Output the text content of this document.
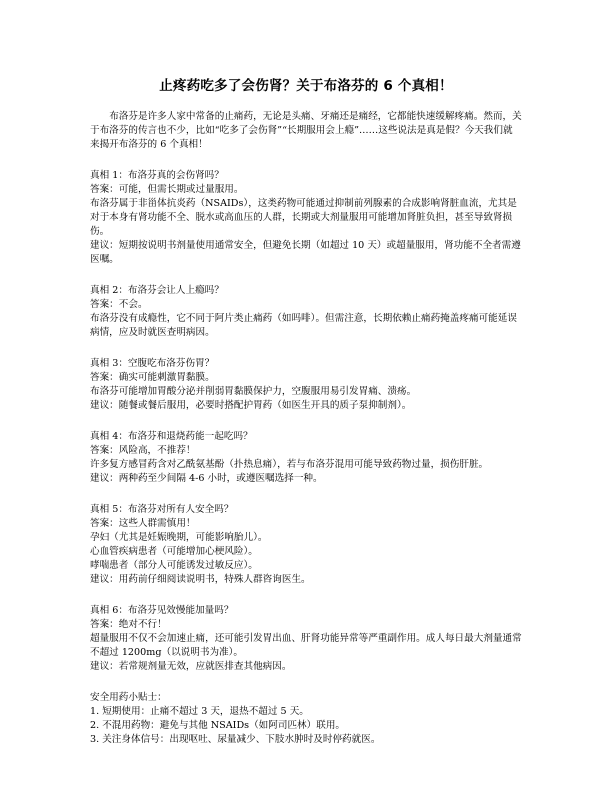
止疼药吃多了会伤肾？关于布洛芬的 6 个真相！

布洛芬是许多人家中常备的止痛药，无论是头痛、牙痛还是痛经，它都能快速缓解疼痛。然而，关于布洛芬的传言也不少，比如“吃多了会伤肾”“长期服用会上瘾”……这些说法是真是假？今天我们就来揭开布洛芬的 6 个真相！

真相 1：布洛芬真的会伤肾吗？

答案：可能，但需长期或过量服用。

布洛芬属于非甾体抗炎药（NSAIDs），这类药物可能通过抑制前列腺素的合成影响肾脏血流，尤其是对于本身有肾功能不全、脱水或高血压的人群，长期或大剂量服用可能增加肾脏负担，甚至导致肾损伤。

建议：短期按说明书剂量使用通常安全，但避免长期（如超过 10 天）或超量服用，肾功能不全者需遵医嘱。

真相 2：布洛芬会让人上瘾吗？

答案：不会。

布洛芬没有成瘾性，它不同于阿片类止痛药（如吗啡）。但需注意，长期依赖止痛药掩盖疼痛可能延误病情，应及时就医查明病因。

真相 3：空腹吃布洛芬伤胃？

答案：确实可能刺激胃黏膜。

布洛芬可能增加胃酸分泌并削弱胃黏膜保护力，空腹服用易引发胃痛、溃疡。

建议：随餐或餐后服用，必要时搭配护胃药（如医生开具的质子泵抑制剂）。

真相 4：布洛芬和退烧药能一起吃吗？

答案：风险高，不推荐！

许多复方感冒药含对乙酰氨基酚（扑热息痛），若与布洛芬混用可能导致药物过量，损伤肝脏。

建议：两种药至少间隔 4-6 小时，或遵医嘱选择一种。

真相 5：布洛芬对所有人安全吗？

答案：这些人群需慎用！

孕妇（尤其是妊娠晚期，可能影响胎儿）。

心血管疾病患者（可能增加心梗风险）。

哮喘患者（部分人可能诱发过敏反应）。

建议：用药前仔细阅读说明书，特殊人群咨询医生。

真相 6：布洛芬见效慢能加量吗？

答案：绝对不行！

超量服用不仅不会加速止痛，还可能引发胃出血、肝肾功能异常等严重副作用。成人每日最大剂量通常不超过 1200mg（以说明书为准）。

建议：若常规剂量无效，应就医排查其他病因。

安全用药小贴士：

1. 短期使用：止痛不超过 3 天，退热不超过 5 天。

2. 不混用药物：避免与其他 NSAIDs（如阿司匹林）联用。

3. 关注身体信号：出现呕吐、尿量减少、下肢水肿时及时停药就医。
